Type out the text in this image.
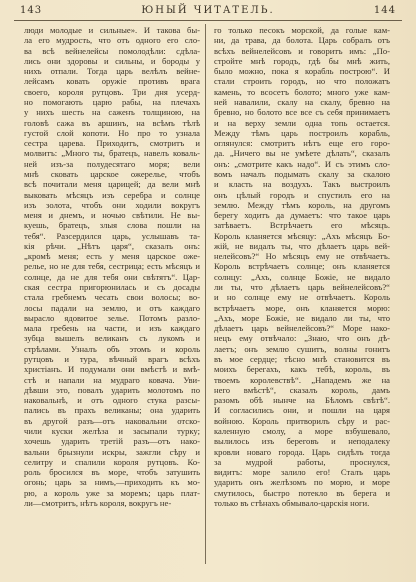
143	ЮНЫЙ ЧИТАТЕЛЬ.	144
люди молодые и сильные». И такова бы-
ла его мудрость, что отъ одного его сло-
ва всѣ вейнелейсы помолодѣли: сдѣла-
лись они здоровы и сильны, и бороды у
нихъ отпали. Тогда царь велѣлъ вейне-
лейсамъ ковать оружіе противъ врага
своего, короля рутцовъ. Три дня усерд-
но помогають царю рабы, на плечахъ
у нихъ шесть на саженъ толщиною, на
головѣ сажа въ аршинъ, на всѣмъ тѣлѣ
густой слой копоти. Но про то узнала
сестра царева. Приходитъ, смотритъ и
молвитъ: „Много ты, братецъ, навелъ коваль-
ней изъ-за полудесятаго моря; вели
мнѣ сковать царское ожерелье, чтобъ
всѣ почитали меня царицей; да вели мнѣ
выковать мѣсяцъ изъ серебра и солнце
изъ золота, чтобъ они ходили вокругъ
меня и днемъ, и ночью свѣтили. Не вы-
куешь, братецъ, злыя слова пошли на
тебя“. Разсердился царь, услышавъ та-
кія рѣчи. „Нѣтъ царя“, сказалъ онъ:
„кромѣ меня; есть у меня царское оже-
релье, но не для тебя, сестрица; есть мѣсяцъ и
солнце, да не для тебя они свѣтятъ“. Цар-
ская сестра пригорюнилась и съ досады
стала гребнемъ чесать свои волосы; во-
лосы падали на землю, и отъ каждаго
вырасло ядовитое зелье. Потомъ разло-
мала гребень на части, и изъ каждаго
зубца вышелъ великанъ съ лукомъ и
стрѣлами. Узналъ объ этомъ и король
рутцовъ и тура, вѣчный врагъ всѣхъ
христіанъ. И подумали они вмѣстѣ и вмѣ-
стѣ и напали на мудраго ковача. Уви-
дѣвши это, повалъ ударить молотомъ по
наковальнѣ, и отъ одного стука разсы-
пались въ прахъ великаны; она ударить
въ другой разъ—отъ наковальни отско-
чили куски желѣза и засыпали турку;
хочешь ударить третій разъ—отъ нако-
вальни брызнули искры, зажгли сѣру и
селитру и спалили короля рутцовъ. Ко-
роль бросился въ море, чтобъ затушить
огонь; царь за нимъ,—приходить къ мо-
рю, а король уже за моремъ; царь плат-
ли—смотритъ, нѣтъ короля, вокругъ не-
го только песокъ морской, да голые кам-
ни, да трава, да болота. Царь собралъ отъ
всѣхъ вейнелейсовъ и говоритъ имъ: „По-
стройте мнѣ городъ, гдѣ бы мнѣ жить,
было можно, пока я корабль построю“. И
стали строить городъ, но что положатъ
камень, то всосетъ болото; много уже кам-
ней навалили, скалу на скалу, бревно на
бревно, но болото все все съ себя принимаетъ
и на верху земли одна топь остается.
Между тѣмъ царь построилъ корабль,
оглянулся: смотритъ нѣтъ еще его горо-
да. „Ничего вы не умѣете дѣлать“, сказалъ
онъ: „смотрите какъ надо“. И съ этимъ сло-
вомъ началъ подымать скалу за скалою
и класть на воздухъ. Такъ выстроилъ
онъ цѣлый городъ и спустилъ его на
землю. Между тѣмъ король, на другомъ
берегу ходитъ да думаетъ: что такое царь
затѣваетъ. Встрѣчаетъ его мѣсяцъ.
Король кланяется мѣсяцу: „Ахъ мѣсяцъ Бо-
жій, не видалъ ты, что дѣлаетъ царь вей-
нелейсовъ?“ Но мѣсяцъ ему не отвѣчаетъ.
Король встрѣчаетъ солнце; онъ кланяется
солнцу: „Ахъ, солнце Божіе, не видало
ли ты, что дѣлаетъ царь вейнелейсовъ?“
и но солнце ему не отвѣчаетъ. Король
встрѣчаетъ море, онъ кланяется морю:
„Ахъ, море Божіе, не видало ли ты, что
дѣлаетъ царь вейнелейсовъ?“ Море нако-
нецъ ему отвѣчало: „Знаю, что онъ дѣ-
лаетъ; онъ землю сушитъ, волны гонитъ
въ мое сердце; тѣсно мнѣ становится въ
моихъ берегахъ, какъ тебѣ, король, въ
твоемъ королевствѣ“. „Нападемъ же на
него вмѣстѣ“, сказалъ король, дамъ
разомъ обѣ нынче на Бѣломъ свѣтѣ“.
И согласились они, и пошли на царя
войною. Король притворилъ сѣру и рас-
каленную смолу, а море взбушевало,
вылилось изъ береговъ и неподалеку
кровли новаго города. Царь сидѣлъ тогда
за мудрой работы, проснулся,
видитъ: море залило его! Сталъ царь
ударить онъ желѣзомъ по морю, и море
смутилось, быстро потекло въ берега и
только въ стѣнахъ обмывало-царскія ноги.
